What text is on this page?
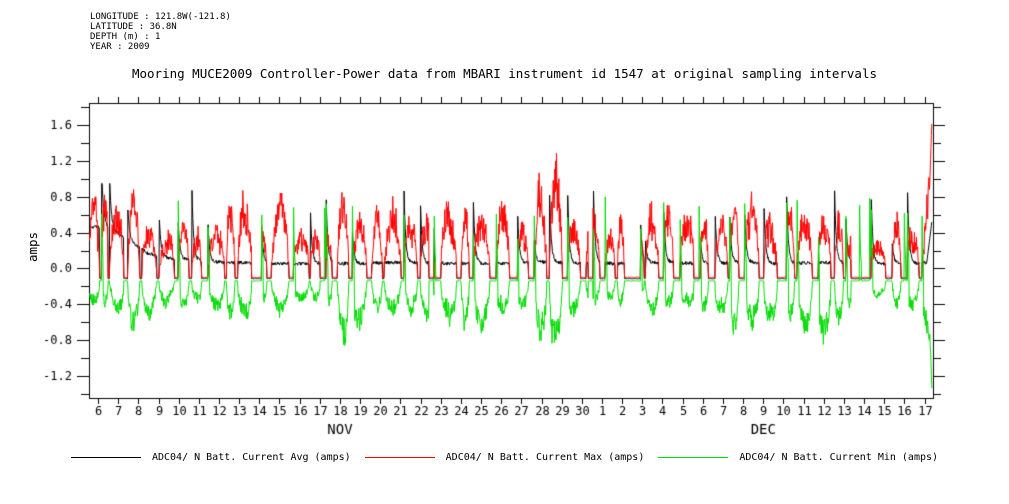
LONGITUDE : 121.8W(-121.8)
LATITUDE : 36.8N
DEPTH (m) : 1
YEAR : 2009
Mooring MUCE2009 Controller-Power data from MBARI instrument id 1547 at original sampling intervals
amps
ADC04/ N Batt. Current Avg (amps)	ADC04/ N Batt. Current Max (amps)	ADC04/ N Batt. Current Min (amps)
